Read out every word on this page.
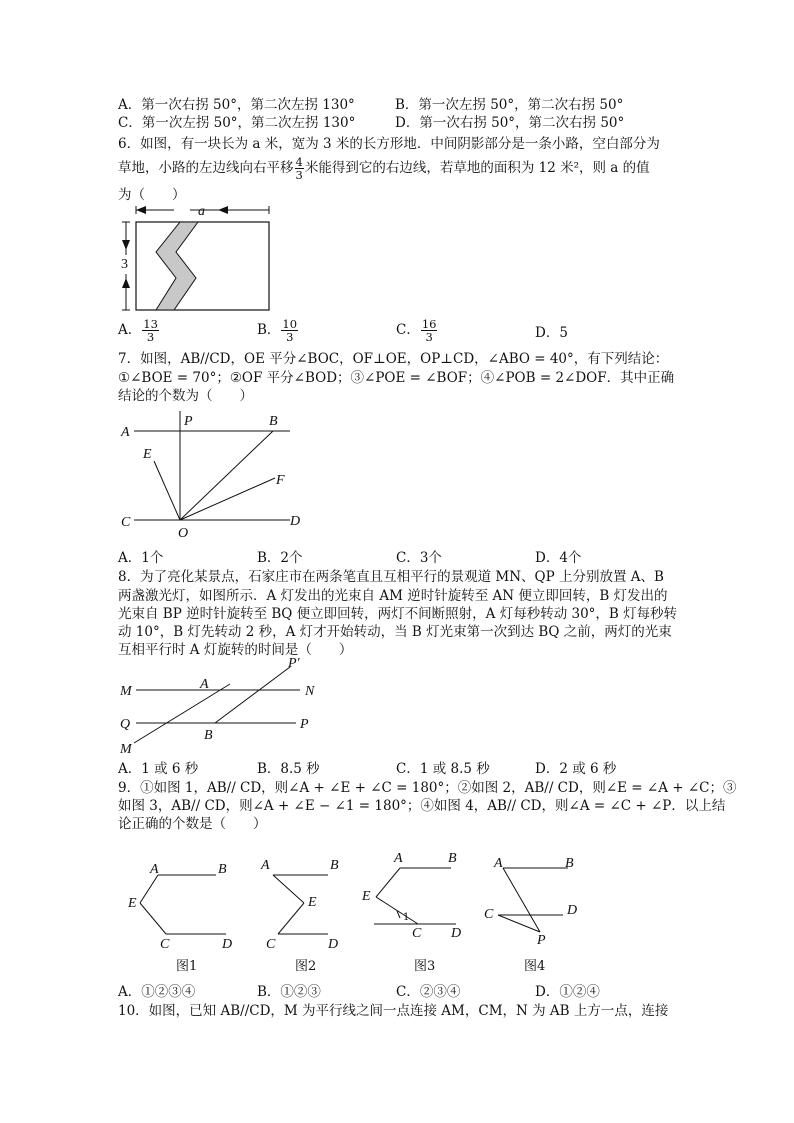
A．第一次右拐 50°，第二次左拐 130°	B．第一次左拐 50°，第二次右拐 50°
C．第一次左拐 50°，第二次左拐 130°	D．第一次右拐 50°，第二次右拐 50°
6．如图，有一块长为 a 米，宽为 3 米的长方形地．中间阴影部分是一条小路，空白部分为
草地，小路的左边线向右平移 $\frac{4}{3}$ 米能得到它的右边线，若草地的面积为 12 米²，则 a 的值
为（　　）
a
3
A． $\frac{13}{3}$	B． $\frac{10}{3}$	C． $\frac{16}{3}$	D．5
7．如图，AB//CD，OE 平分∠BOC，OF⊥OE，OP⊥CD，∠ABO = 40°，有下列结论：
①∠BOE = 70°；②OF 平分∠BOD；③∠POE = ∠BOF；④∠POB = 2∠DOF．其中正确
结论的个数为（　　）
A
P	B
E
F
C	D
O
A．1个	B．2个	C．3个	D．4个
8．为了亮化某景点，石家庄市在两条笔直且互相平行的景观道 MN、QP 上分别放置 A、B
两盏激光灯，如图所示．A 灯发出的光束自 AM 逆时针旋转至 AN 便立即回转，B 灯发出的
光束自 BP 逆时针旋转至 BQ 便立即回转，两灯不间断照射，A 灯每秒转动 30°，B 灯每秒转
动 10°，B 灯先转动 2 秒，A 灯才开始转动，当 B 灯光束第一次到达 BQ 之前，两灯的光束
互相平行时 A 灯旋转的时间是（　　）
M	A	N
P′
Q	P
B
M
A．1 或 6 秒	B．8.5 秒	C．1 或 8.5 秒	D．2 或 6 秒
9．①如图 1，AB// CD，则∠A + ∠E + ∠C = 180°；②如图 2，AB// CD，则∠E = ∠A + ∠C；③
如图 3，AB// CD，则∠A + ∠E − ∠1 = 180°；④如图 4，AB// CD，则∠A = ∠C + ∠P．以上结
论正确的个数是（　　）
A	B
E
C	D
图1
A	B
E
C	D
图2
A	B
E
C D
1
图3
A	B
C	D
P
图4
A．①②③④	B．①②③	C．②③④	D．①②④
10．如图，已知 AB//CD，M 为平行线之间一点连接 AM，CM，N 为 AB 上方一点，连接
